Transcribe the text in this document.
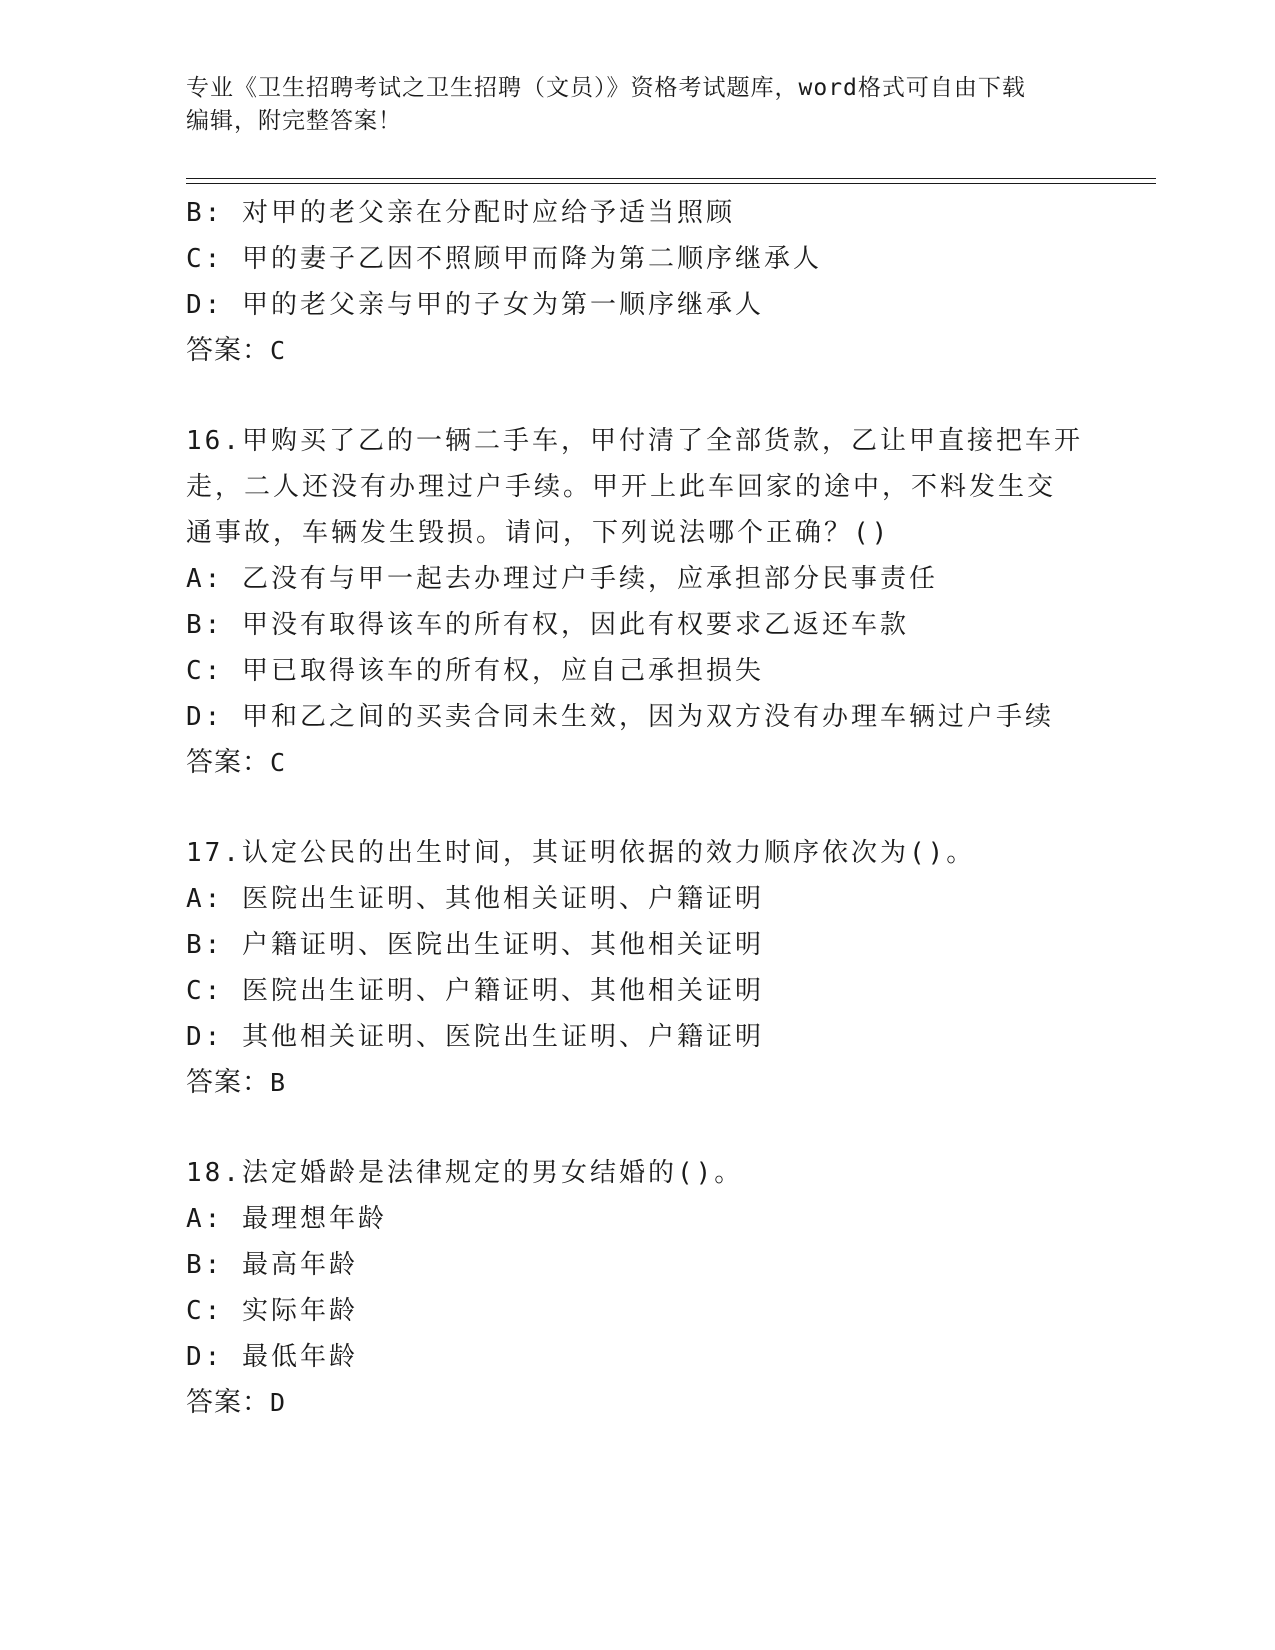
专业《卫生招聘考试之卫生招聘（文员）》资格考试题库，word格式可自由下载
编辑，附完整答案！
B: 对甲的老父亲在分配时应给予适当照顾
C: 甲的妻子乙因不照顾甲而降为第二顺序继承人
D: 甲的老父亲与甲的子女为第一顺序继承人
答案：C
16.甲购买了乙的一辆二手车，甲付清了全部货款，乙让甲直接把车开
走，二人还没有办理过户手续。甲开上此车回家的途中，不料发生交
通事故，车辆发生毁损。请问，下列说法哪个正确？()
A: 乙没有与甲一起去办理过户手续，应承担部分民事责任
B: 甲没有取得该车的所有权，因此有权要求乙返还车款
C: 甲已取得该车的所有权，应自己承担损失
D: 甲和乙之间的买卖合同未生效，因为双方没有办理车辆过户手续
答案：C
17.认定公民的出生时间，其证明依据的效力顺序依次为()。
A: 医院出生证明、其他相关证明、户籍证明
B: 户籍证明、医院出生证明、其他相关证明
C: 医院出生证明、户籍证明、其他相关证明
D: 其他相关证明、医院出生证明、户籍证明
答案：B
18.法定婚龄是法律规定的男女结婚的()。
A: 最理想年龄
B: 最高年龄
C: 实际年龄
D: 最低年龄
答案：D
